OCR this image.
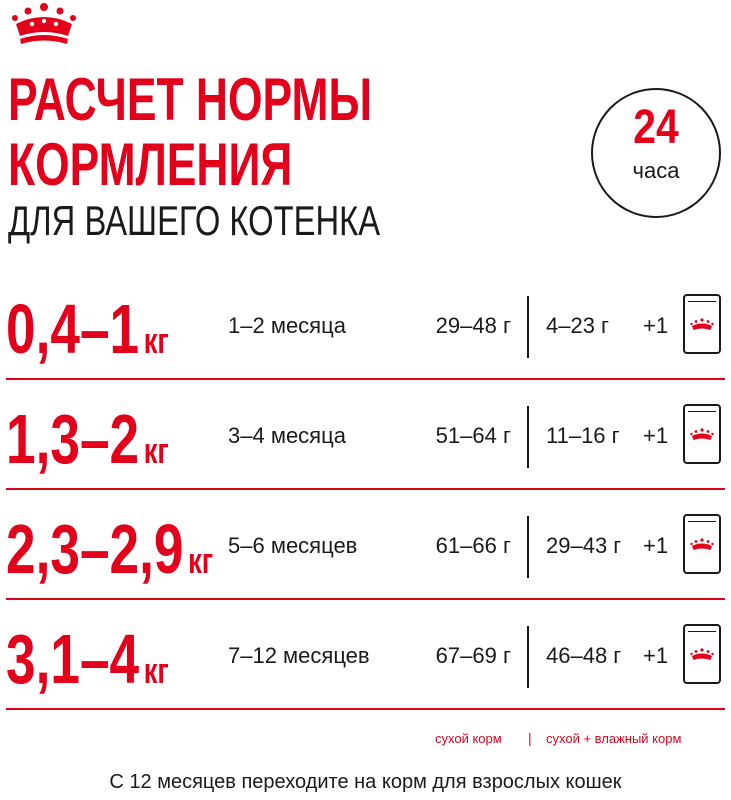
РАСЧЕТ НОРМЫ
КОРМЛЕНИЯ
ДЛЯ ВАШЕГО КОТЕНКА
24
часа
0,4–1 кг	1–2 месяца	29–48 г 4–23 г +1
1,3–2 кг	3–4 месяца	51–64 г 11–16 г +1
2,3–2,9 кг 5–6 месяцев	61–66 г 29–43 г +1
3,1–4 кг	7–12 месяцев	67–69 г 46–48 г +1
сухой корм | сухой + влажный корм
С 12 месяцев переходите на корм для взрослых кошек
